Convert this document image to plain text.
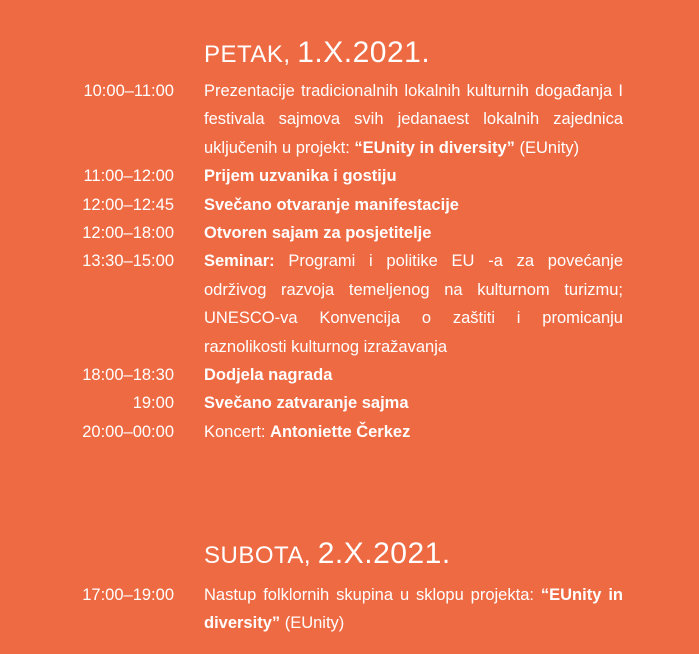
PETAK, 1.X.2021.
10:00–11:00 Prezentacije tradicionalnih lokalnih kulturnih događanja I festivala sajmova svih jedanaest lokalnih zajednica uključenih u projekt: “EUnity in diversity” (EUnity)
11:00–12:00 Prijem uzvanika i gostiju
12:00–12:45 Svečano otvaranje manifestacije
12:00–18:00 Otvoren sajam za posjetitelje
13:30–15:00 Seminar: Programi i politike EU -a za povećanje održivog razvoja temeljenog na kulturnom turizmu; UNESCO-va Konvencija o zaštiti i promicanju raznolikosti kulturnog izražavanja
18:00–18:30 Dodjela nagrada
19:00 Svečano zatvaranje sajma
20:00–00:00 Koncert: Antoniette Čerkez
SUBOTA, 2.X.2021.
17:00–19:00 Nastup folklornih skupina u sklopu projekta: “EUnity in diversity” (EUnity)
